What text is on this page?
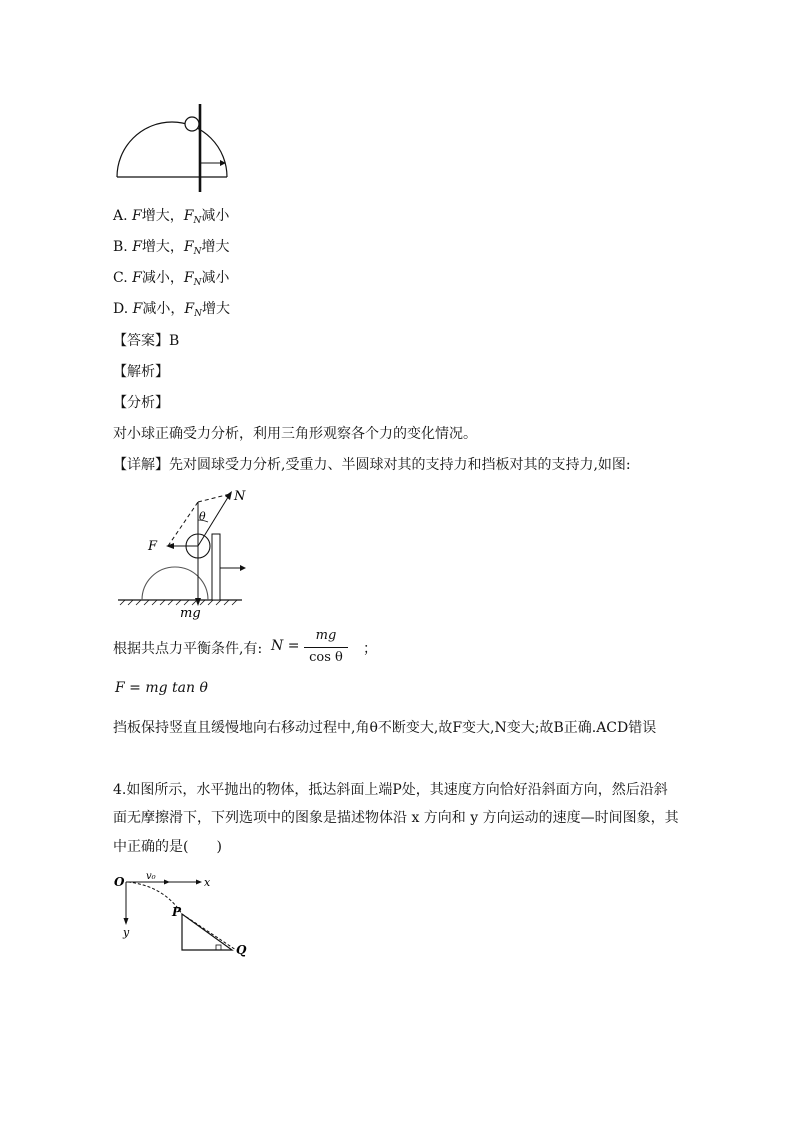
A. F增大，$F_N$减小
B. F增大，$F_N$增大
C. F减小，$F_N$减小
D. F减小，$F_N$增大
【答案】B
【解析】
【分析】
对小球正确受力分析，利用三角形观察各个力的变化情况。
【详解】先对圆球受力分析,受重力、半圆球对其的支持力和挡板对其的支持力,如图:
N
θ
F
mg
根据共点力平衡条件,有: N =
mg
cos θ
；
F = mg tan θ
挡板保持竖直且缓慢地向右移动过程中,角θ不断变大,故F变大,N变大;故B正确.ACD错误
4.如图所示，水平抛出的物体，抵达斜面上端P处，其速度方向恰好沿斜面方向，然后沿斜
面无摩擦滑下，下列选项中的图象是描述物体沿 x 方向和 y 方向运动的速度—时间图象，其
中正确的是(　　)
O v₀	x
y
P
Q
